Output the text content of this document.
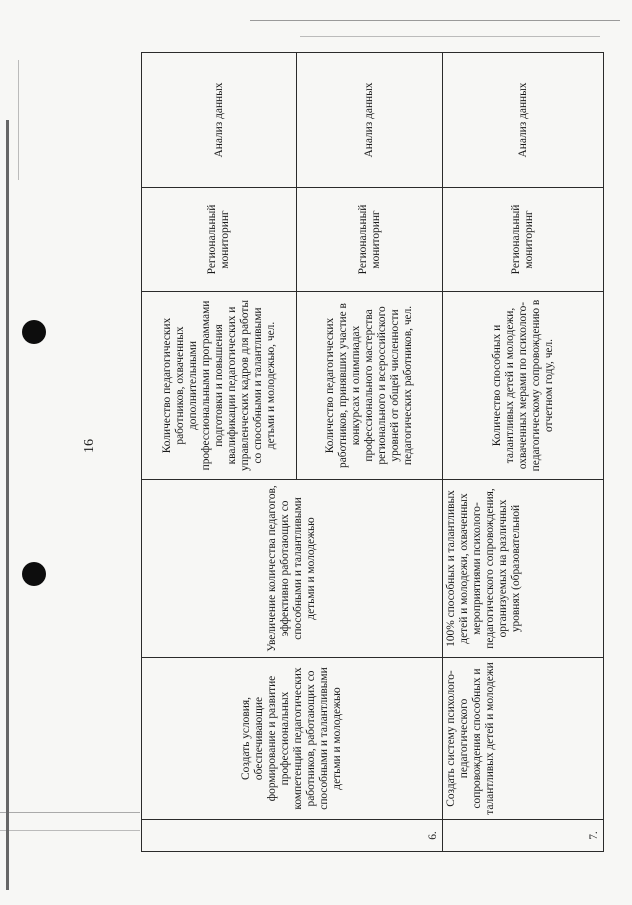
16
6.	Создать условия, обеспечивающие формирование и развитие профессиональных компетенций педагогических работников, работающих со способными и талантливыми детьми и молодежью	Увеличение количества педагогов, эффективно работающих со способными и талантливыми детьми и молодежью	Количество педагогических работников, охваченных дополнительными профессиональными программами подготовки и повышения квалификации педагогических и управленческих кадров для работы со способными и талантливыми детьми и молодежью, чел.	Региональный мониторинг	Анализ данных

			Количество педагогических работников, принявших участие в конкурсах и олимпиадах профессионального мастерства регионального и всероссийского уровней от общей численности педагогических работников, чел.	Региональный мониторинг	Анализ данных

7.	Создать систему психолого-педагогического сопровождения способных и талантливых детей и молодежи	100% способных и талантливых детей и молодежи, охваченных мероприятиями психолого-педагогического сопровождения, организуемых на различных уровнях (образовательной	Количество способных и талантливых детей и молодежи, охваченных мерами по психолого-педагогическому сопровождению в отчетном году, чел.	Региональный мониторинг	Анализ данных
